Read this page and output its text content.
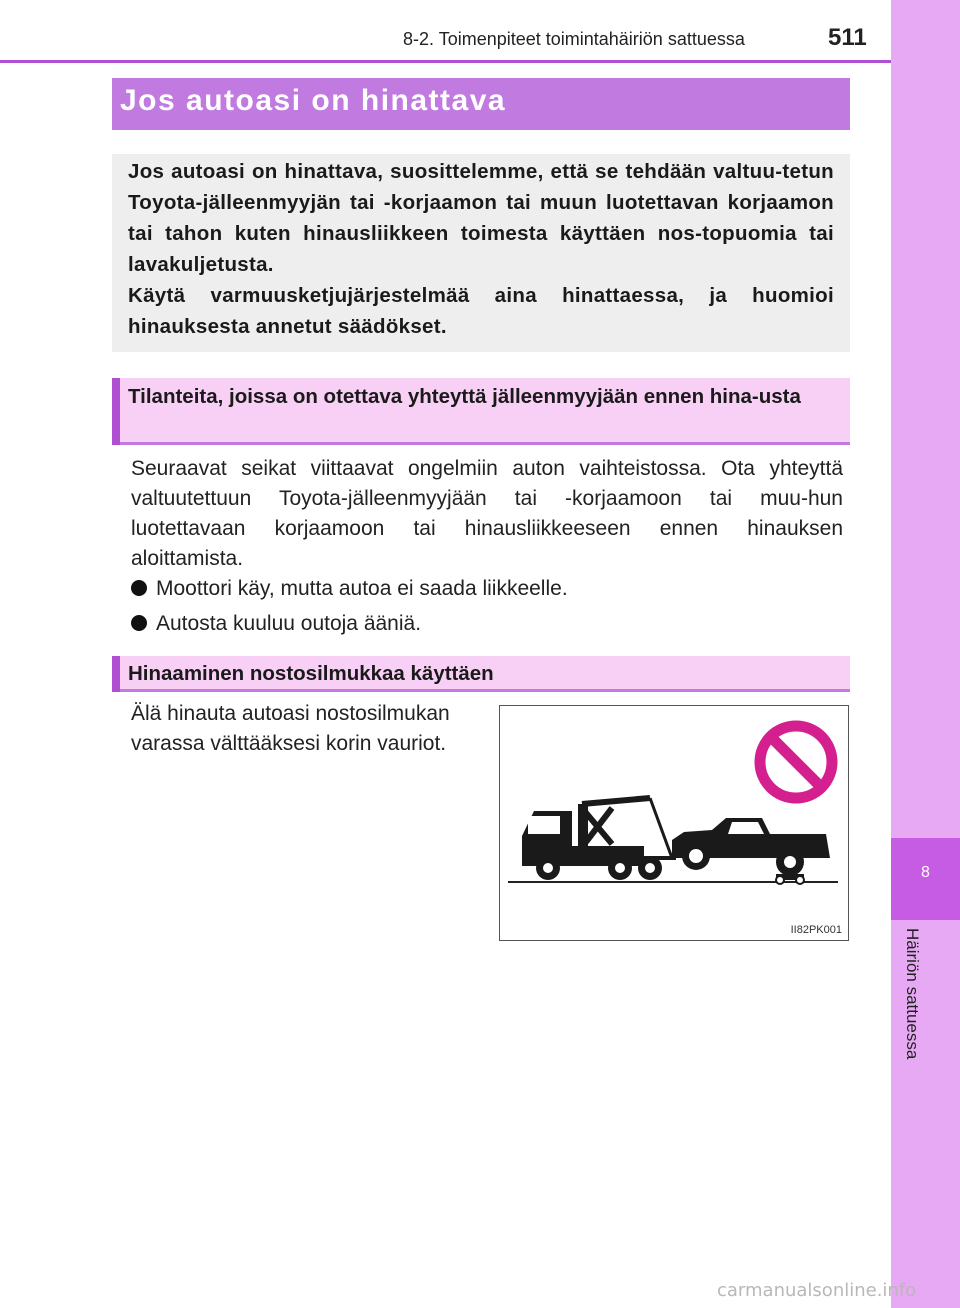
8
Häiriön sattuessa
8-2. Toimenpiteet toimintahäiriön sattuessa	511
Jos autoasi on hinattava

Jos autoasi on hinattava, suosittelemme, että se tehdään valtuu-tetun Toyota-jälleenmyyjän tai -korjaamon tai muun luotettavan korjaamon tai tahon kuten hinausliikkeen toimesta käyttäen nos-topuomia tai lavakuljetusta.

Käytä varmuusketjujärjestelmää aina hinattaessa, ja huomioi hinauksesta annetut säädökset.

Tilanteita, joissa on otettava yhteyttä jälleenmyyjään ennen hina-usta
Seuraavat seikat viittaavat ongelmiin auton vaihteistossa. Ota yhteyttä valtuutettuun Toyota-jälleenmyyjään tai -korjaamoon tai muu-hun luotettavaan korjaamoon tai hinausliikkeeseen ennen hinauksen aloittamista.
Moottori käy, mutta autoa ei saada liikkeelle.
Autosta kuuluu outoja ääniä.
Hinaaminen nostosilmukkaa käyttäen
Älä hinauta autoasi nostosilmukan
varassa välttääksesi korin vauriot.
II82PK001
carmanualsonline.info
